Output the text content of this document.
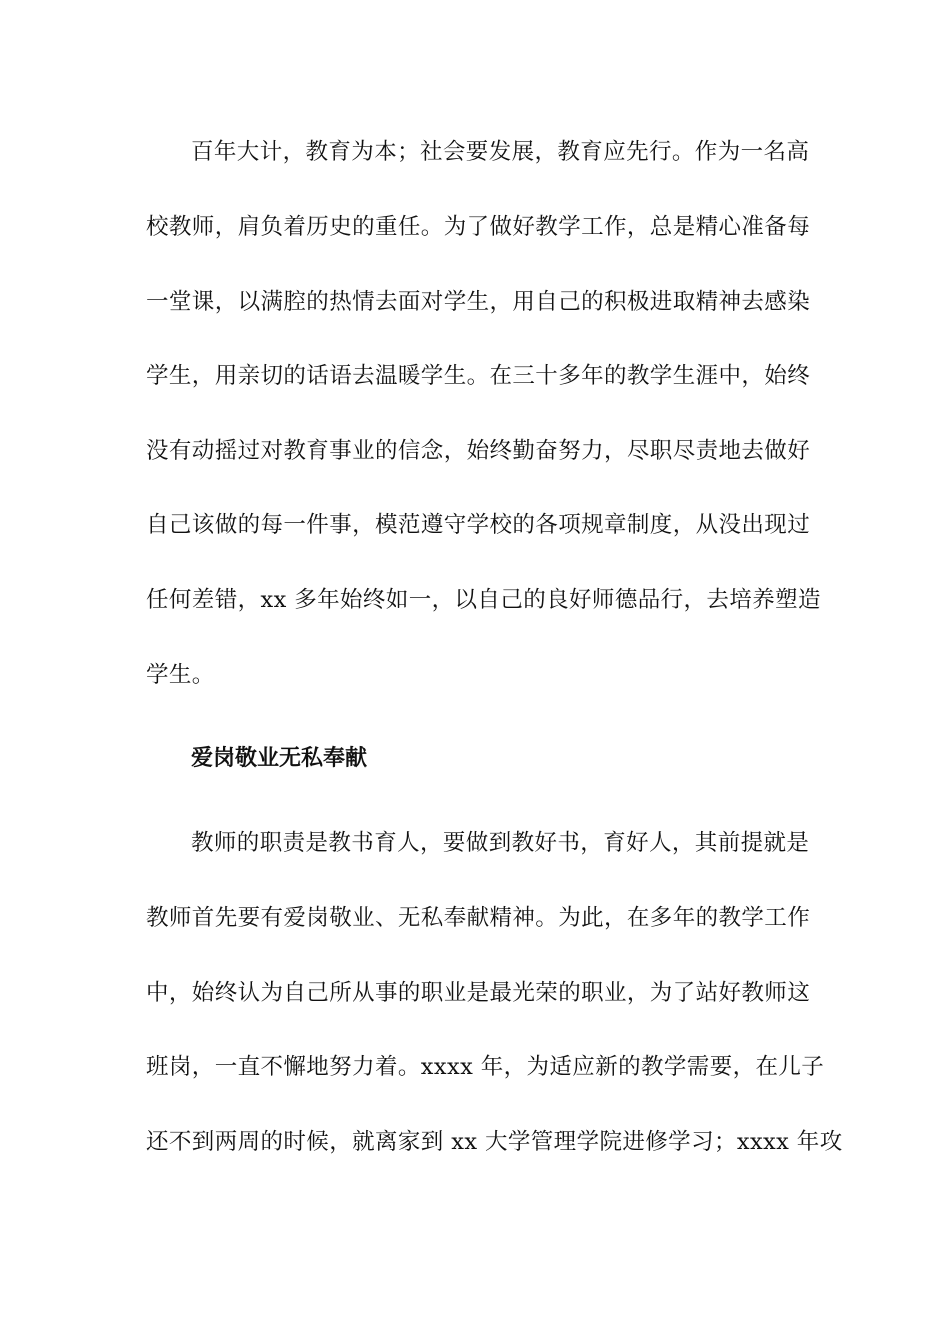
百年大计，教育为本；社会要发展，教育应先行。作为一名高
校教师，肩负着历史的重任。为了做好教学工作，总是精心准备每
一堂课，以满腔的热情去面对学生，用自己的积极进取精神去感染
学生，用亲切的话语去温暖学生。在三十多年的教学生涯中，始终
没有动摇过对教育事业的信念，始终勤奋努力，尽职尽责地去做好
自己该做的每一件事，模范遵守学校的各项规章制度，从没出现过
任何差错，xx 多年始终如一，以自己的良好师德品行，去培养塑造
学生。
爱岗敬业无私奉献
教师的职责是教书育人，要做到教好书，育好人，其前提就是
教师首先要有爱岗敬业、无私奉献精神。为此，在多年的教学工作
中，始终认为自己所从事的职业是最光荣的职业，为了站好教师这
班岗，一直不懈地努力着。xxxx 年，为适应新的教学需要，在儿子
还不到两周的时候，就离家到 xx 大学管理学院进修学习；xxxx 年攻
